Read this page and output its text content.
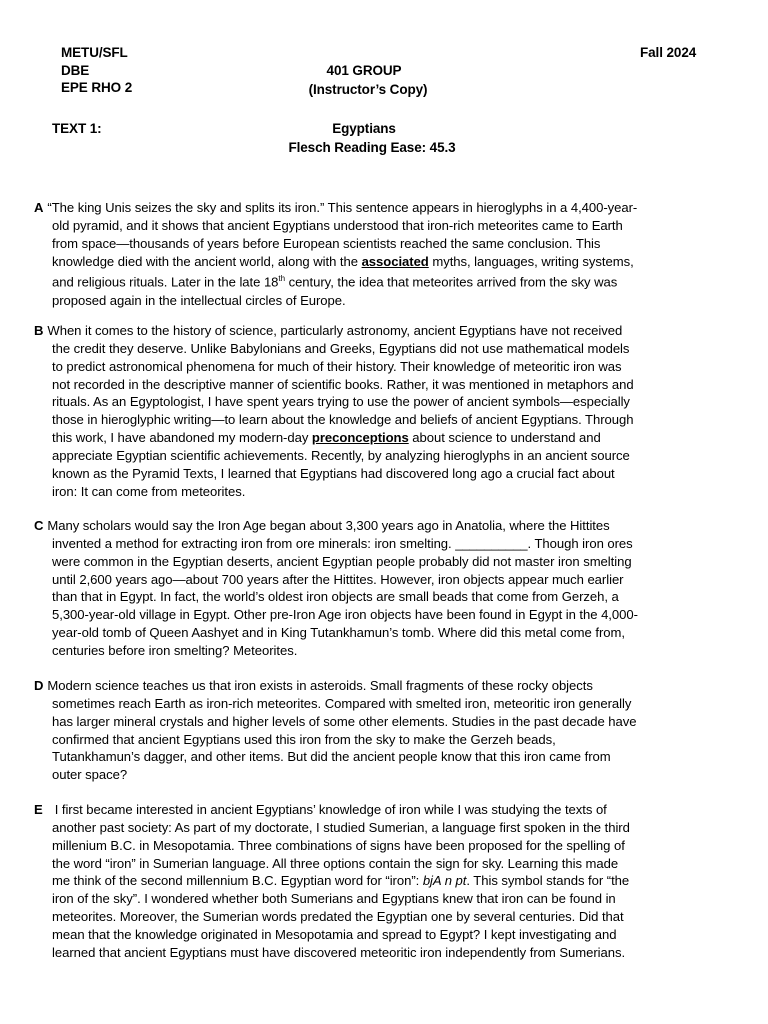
METU/SFL
DBE
EPE RHO 2
Fall 2024
401 GROUP
(Instructor’s Copy)
TEXT 1:	Egyptians
Flesch Reading Ease: 45.3
A “The king Unis seizes the sky and splits its iron.” This sentence appears in hieroglyphs in a 4,400-year-
old pyramid, and it shows that ancient Egyptians understood that iron-rich meteorites came to Earth
from space—thousands of years before European scientists reached the same conclusion. This
knowledge died with the ancient world, along with the associated myths, languages, writing systems,
and religious rituals. Later in the late 18th century, the idea that meteorites arrived from the sky was
proposed again in the intellectual circles of Europe.
B When it comes to the history of science, particularly astronomy, ancient Egyptians have not received
the credit they deserve. Unlike Babylonians and Greeks, Egyptians did not use mathematical models
to predict astronomical phenomena for much of their history. Their knowledge of meteoritic iron was
not recorded in the descriptive manner of scientific books. Rather, it was mentioned in metaphors and
rituals. As an Egyptologist, I have spent years trying to use the power of ancient symbols—especially
those in hieroglyphic writing—to learn about the knowledge and beliefs of ancient Egyptians. Through
this work, I have abandoned my modern-day preconceptions about science to understand and
appreciate Egyptian scientific achievements. Recently, by analyzing hieroglyphs in an ancient source
known as the Pyramid Texts, I learned that Egyptians had discovered long ago a crucial fact about
iron: It can come from meteorites.
C Many scholars would say the Iron Age began about 3,300 years ago in Anatolia, where the Hittites
invented a method for extracting iron from ore minerals: iron smelting. __________. Though iron ores
were common in the Egyptian deserts, ancient Egyptian people probably did not master iron smelting
until 2,600 years ago—about 700 years after the Hittites. However, iron objects appear much earlier
than that in Egypt. In fact, the world’s oldest iron objects are small beads that come from Gerzeh, a
5,300-year-old village in Egypt. Other pre-Iron Age iron objects have been found in Egypt in the 4,000-
year-old tomb of Queen Aashyet and in King Tutankhamun’s tomb. Where did this metal come from,
centuries before iron smelting? Meteorites.
D Modern science teaches us that iron exists in asteroids. Small fragments of these rocky objects
sometimes reach Earth as iron-rich meteorites. Compared with smelted iron, meteoritic iron generally
has larger mineral crystals and higher levels of some other elements. Studies in the past decade have
confirmed that ancient Egyptians used this iron from the sky to make the Gerzeh beads,
Tutankhamun’s dagger, and other items. But did the ancient people know that this iron came from
outer space?
E I first became interested in ancient Egyptians’ knowledge of iron while I was studying the texts of
another past society: As part of my doctorate, I studied Sumerian, a language first spoken in the third
millenium B.C. in Mesopotamia. Three combinations of signs have been proposed for the spelling of
the word “iron” in Sumerian language. All three options contain the sign for sky. Learning this made
me think of the second millennium B.C. Egyptian word for “iron”: bjA n pt. This symbol stands for “the
iron of the sky”. I wondered whether both Sumerians and Egyptians knew that iron can be found in
meteorites. Moreover, the Sumerian words predated the Egyptian one by several centuries. Did that
mean that the knowledge originated in Mesopotamia and spread to Egypt? I kept investigating and
learned that ancient Egyptians must have discovered meteoritic iron independently from Sumerians.
